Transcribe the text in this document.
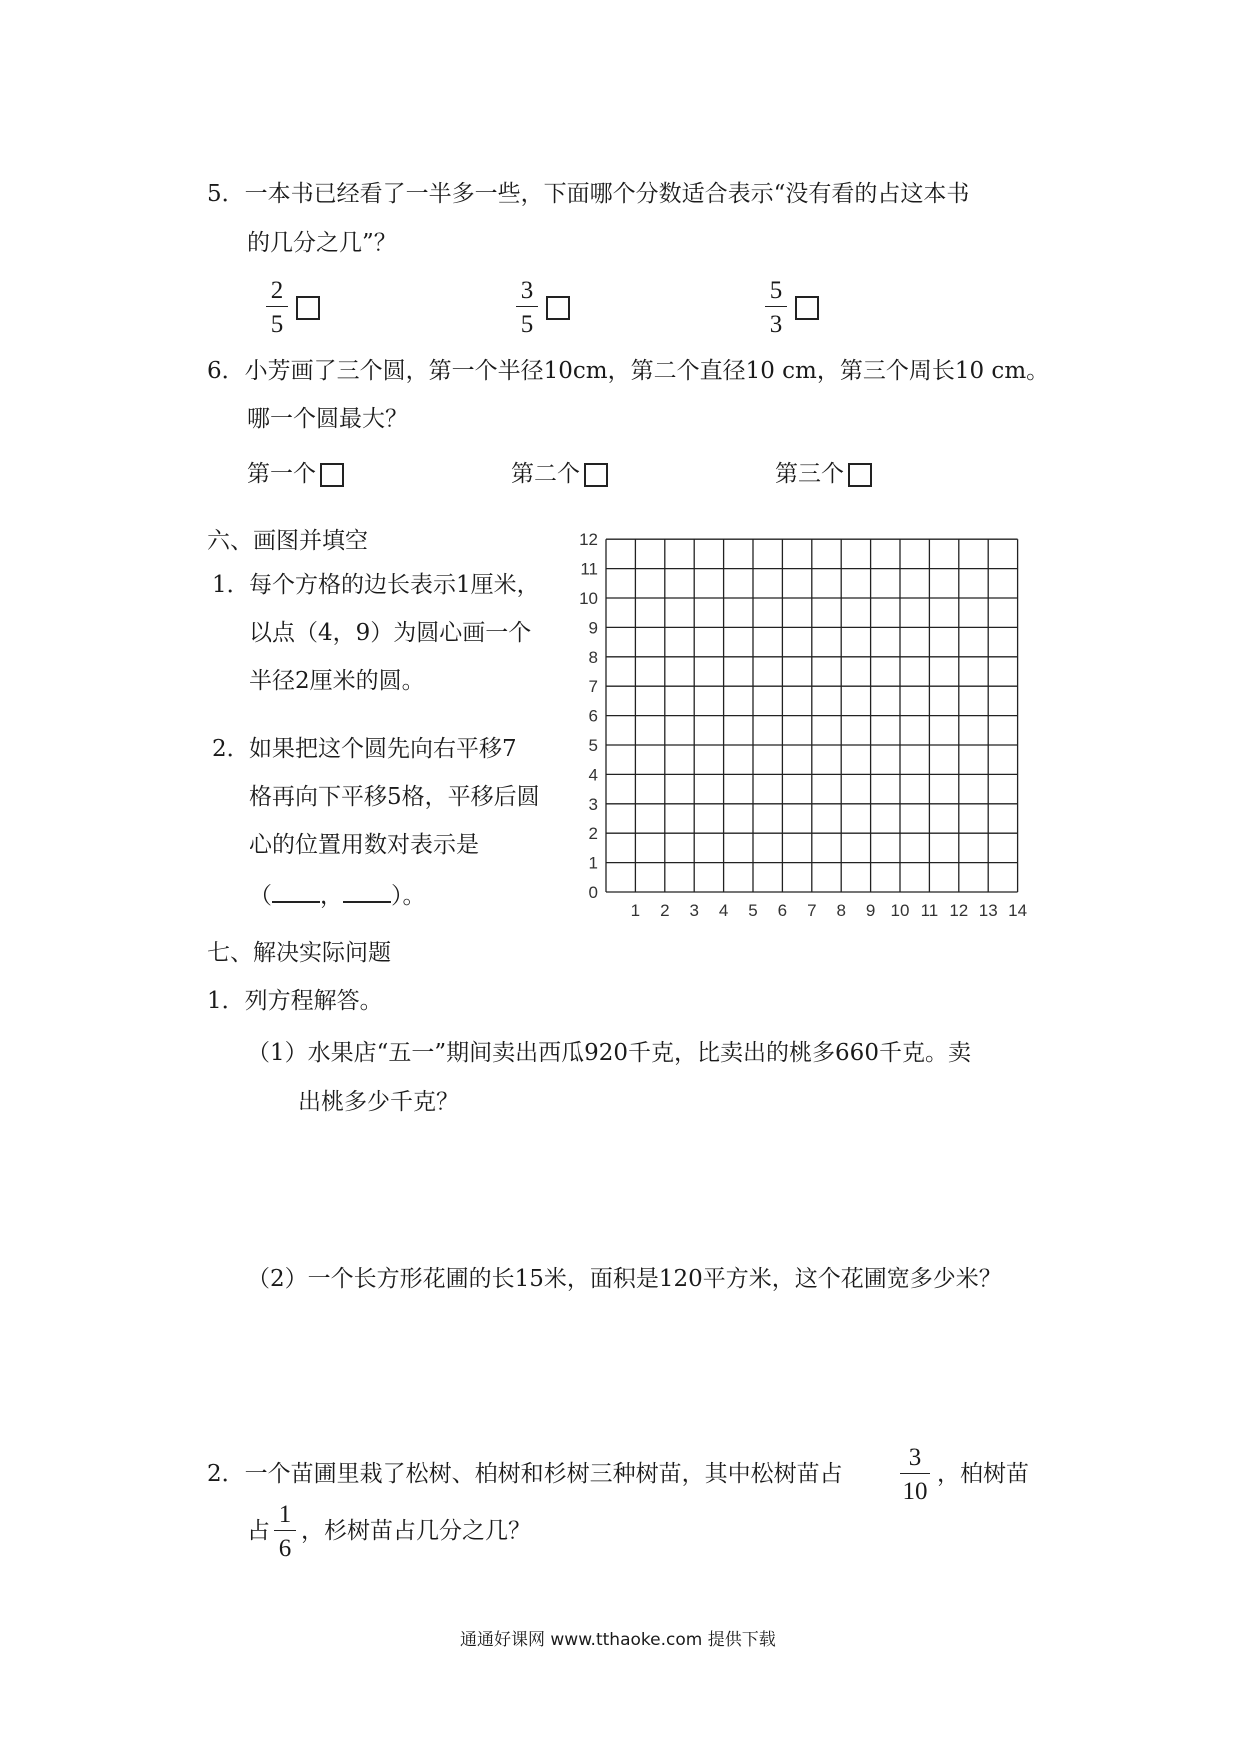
5．一本书已经看了一半多一些，下面哪个分数适合表示“没有看的占这本书
的几分之几”？
2
5
3
5
5
3
6．小芳画了三个圆，第一个半径10cm，第二个直径10 cm，第三个周长10 cm。
哪一个圆最大？
第一个	第二个	第三个
六、画图并填空
1． 每个方格的边长表示1厘米，
以点（4，9）为圆心画一个
半径2厘米的圆。
2． 如果把这个圆先向右平移7
格再向下平移5格，平移后圆
心的位置用数对表示是
（ ， ）。	0
1
2
3
4
5
6
7
8
9
10
11
12
1 2 3 4 5 6 7 8 9 10 11 12 13 14
七、解决实际问题
1．列方程解答。
（1）水果店“五一”期间卖出西瓜920千克，比卖出的桃多660千克。卖
出桃多少千克？
（2）一个长方形花圃的长15米，面积是120平方米，这个花圃宽多少米？
2．一个苗圃里栽了松树、柏树和杉树三种树苗，其中松树苗占
3
10
，柏树苗
占
1
6
，杉树苗占几分之几？
通通好课网 www.tthaoke.com 提供下载
